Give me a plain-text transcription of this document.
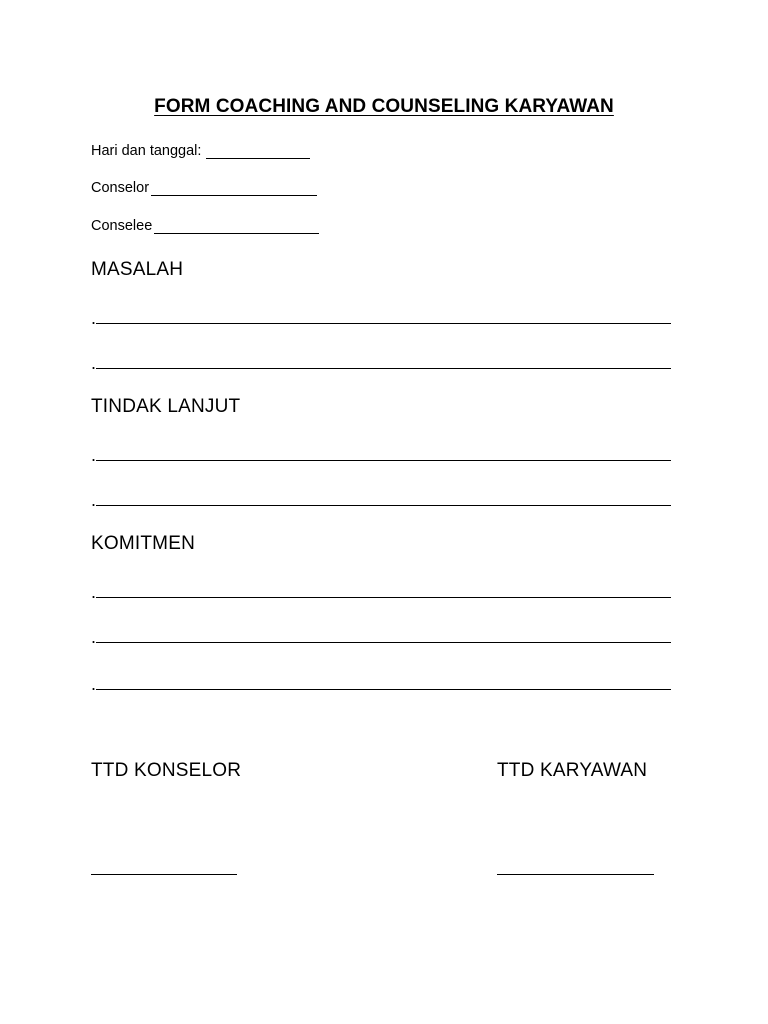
FORM COACHING AND COUNSELING KARYAWAN
Hari dan tanggal:
Conselor
Conselee
MASALAH
.
.
TINDAK LANJUT
.
.
KOMITMEN
.
.
.
TTD KONSELOR	TTD KARYAWAN
